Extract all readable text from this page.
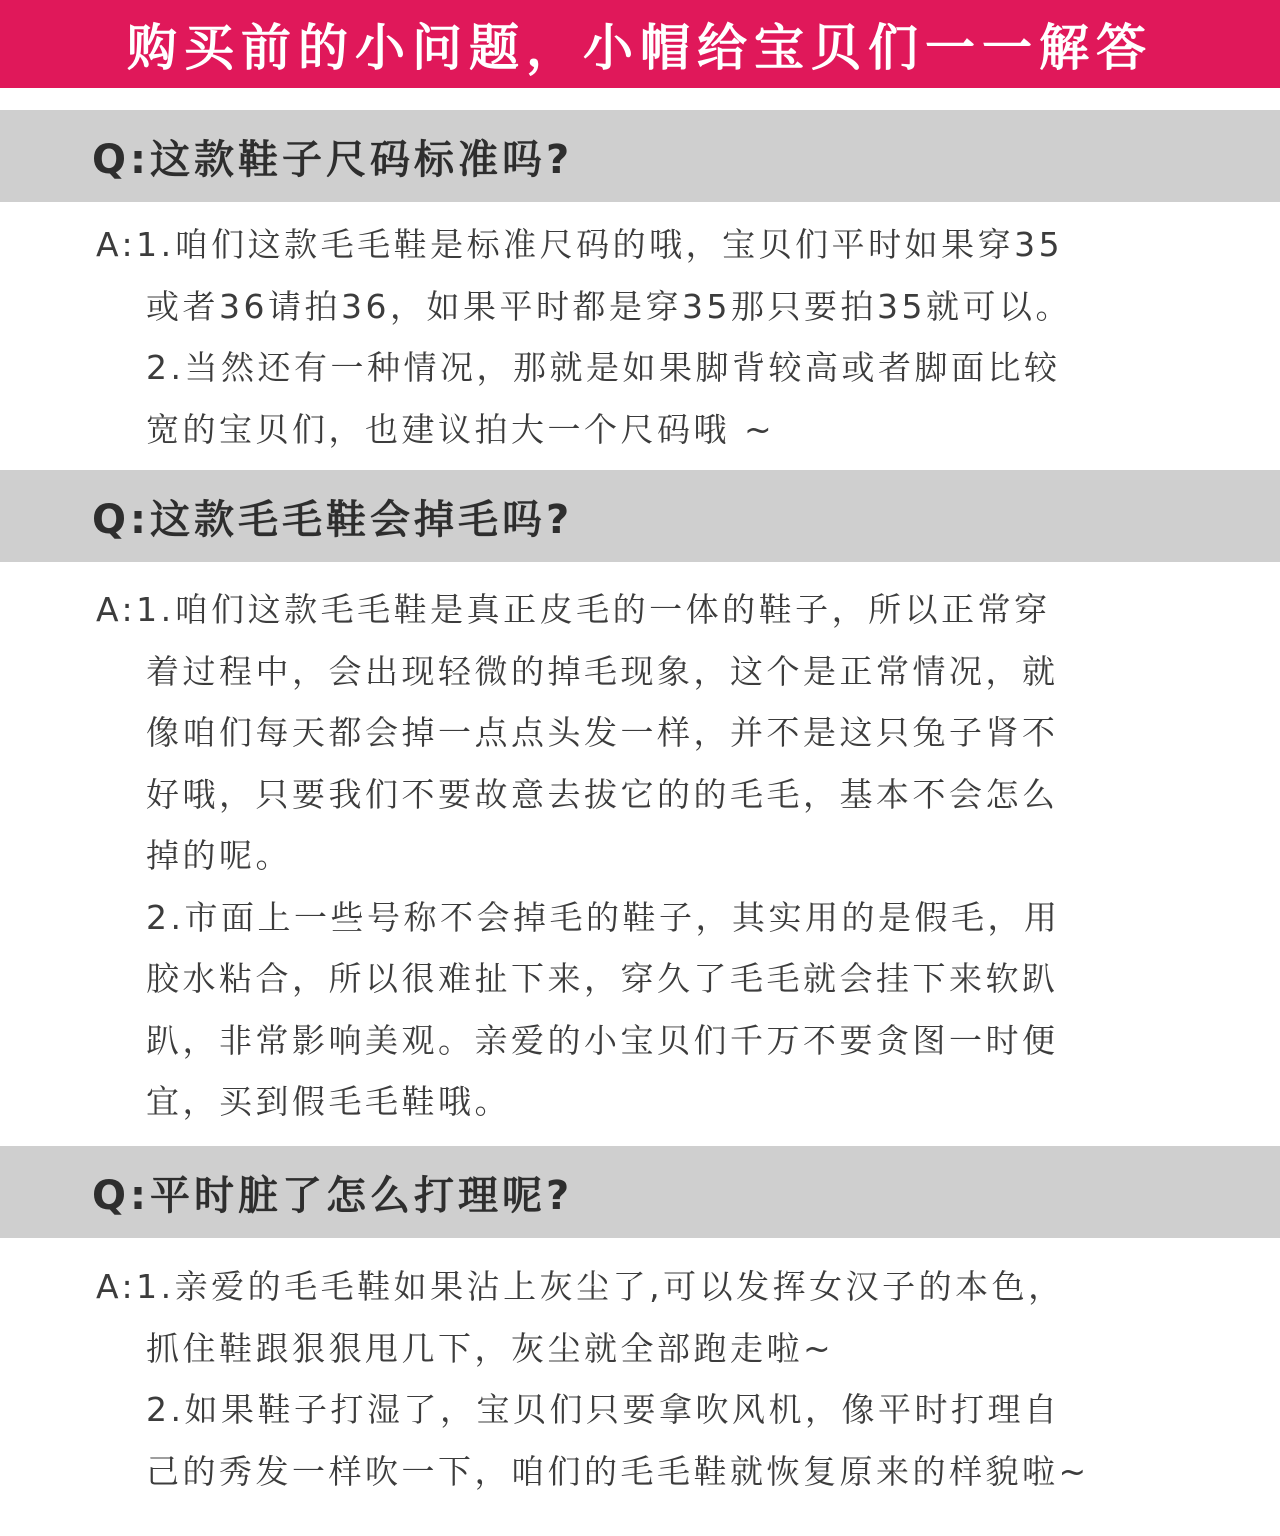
购买前的小问题，小帽给宝贝们一一解答
Q:这款鞋子尺码标准吗?
A:1.咱们这款毛毛鞋是标准尺码的哦，宝贝们平时如果穿35
或者36请拍36，如果平时都是穿35那只要拍35就可以。
2.当然还有一种情况，那就是如果脚背较高或者脚面比较
宽的宝贝们，也建议拍大一个尺码哦 ~
Q:这款毛毛鞋会掉毛吗?
A:1.咱们这款毛毛鞋是真正皮毛的一体的鞋子，所以正常穿
着过程中，会出现轻微的掉毛现象，这个是正常情况，就
像咱们每天都会掉一点点头发一样，并不是这只兔子肾不
好哦，只要我们不要故意去拔它的的毛毛，基本不会怎么
掉的呢。
2.市面上一些号称不会掉毛的鞋子，其实用的是假毛，用
胶水粘合，所以很难扯下来，穿久了毛毛就会挂下来软趴
趴，非常影响美观。亲爱的小宝贝们千万不要贪图一时便
宜，买到假毛毛鞋哦。
Q:平时脏了怎么打理呢?
A:1.亲爱的毛毛鞋如果沾上灰尘了,可以发挥女汉子的本色，
抓住鞋跟狠狠甩几下，灰尘就全部跑走啦~
2.如果鞋子打湿了，宝贝们只要拿吹风机，像平时打理自
己的秀发一样吹一下，咱们的毛毛鞋就恢复原来的样貌啦~
